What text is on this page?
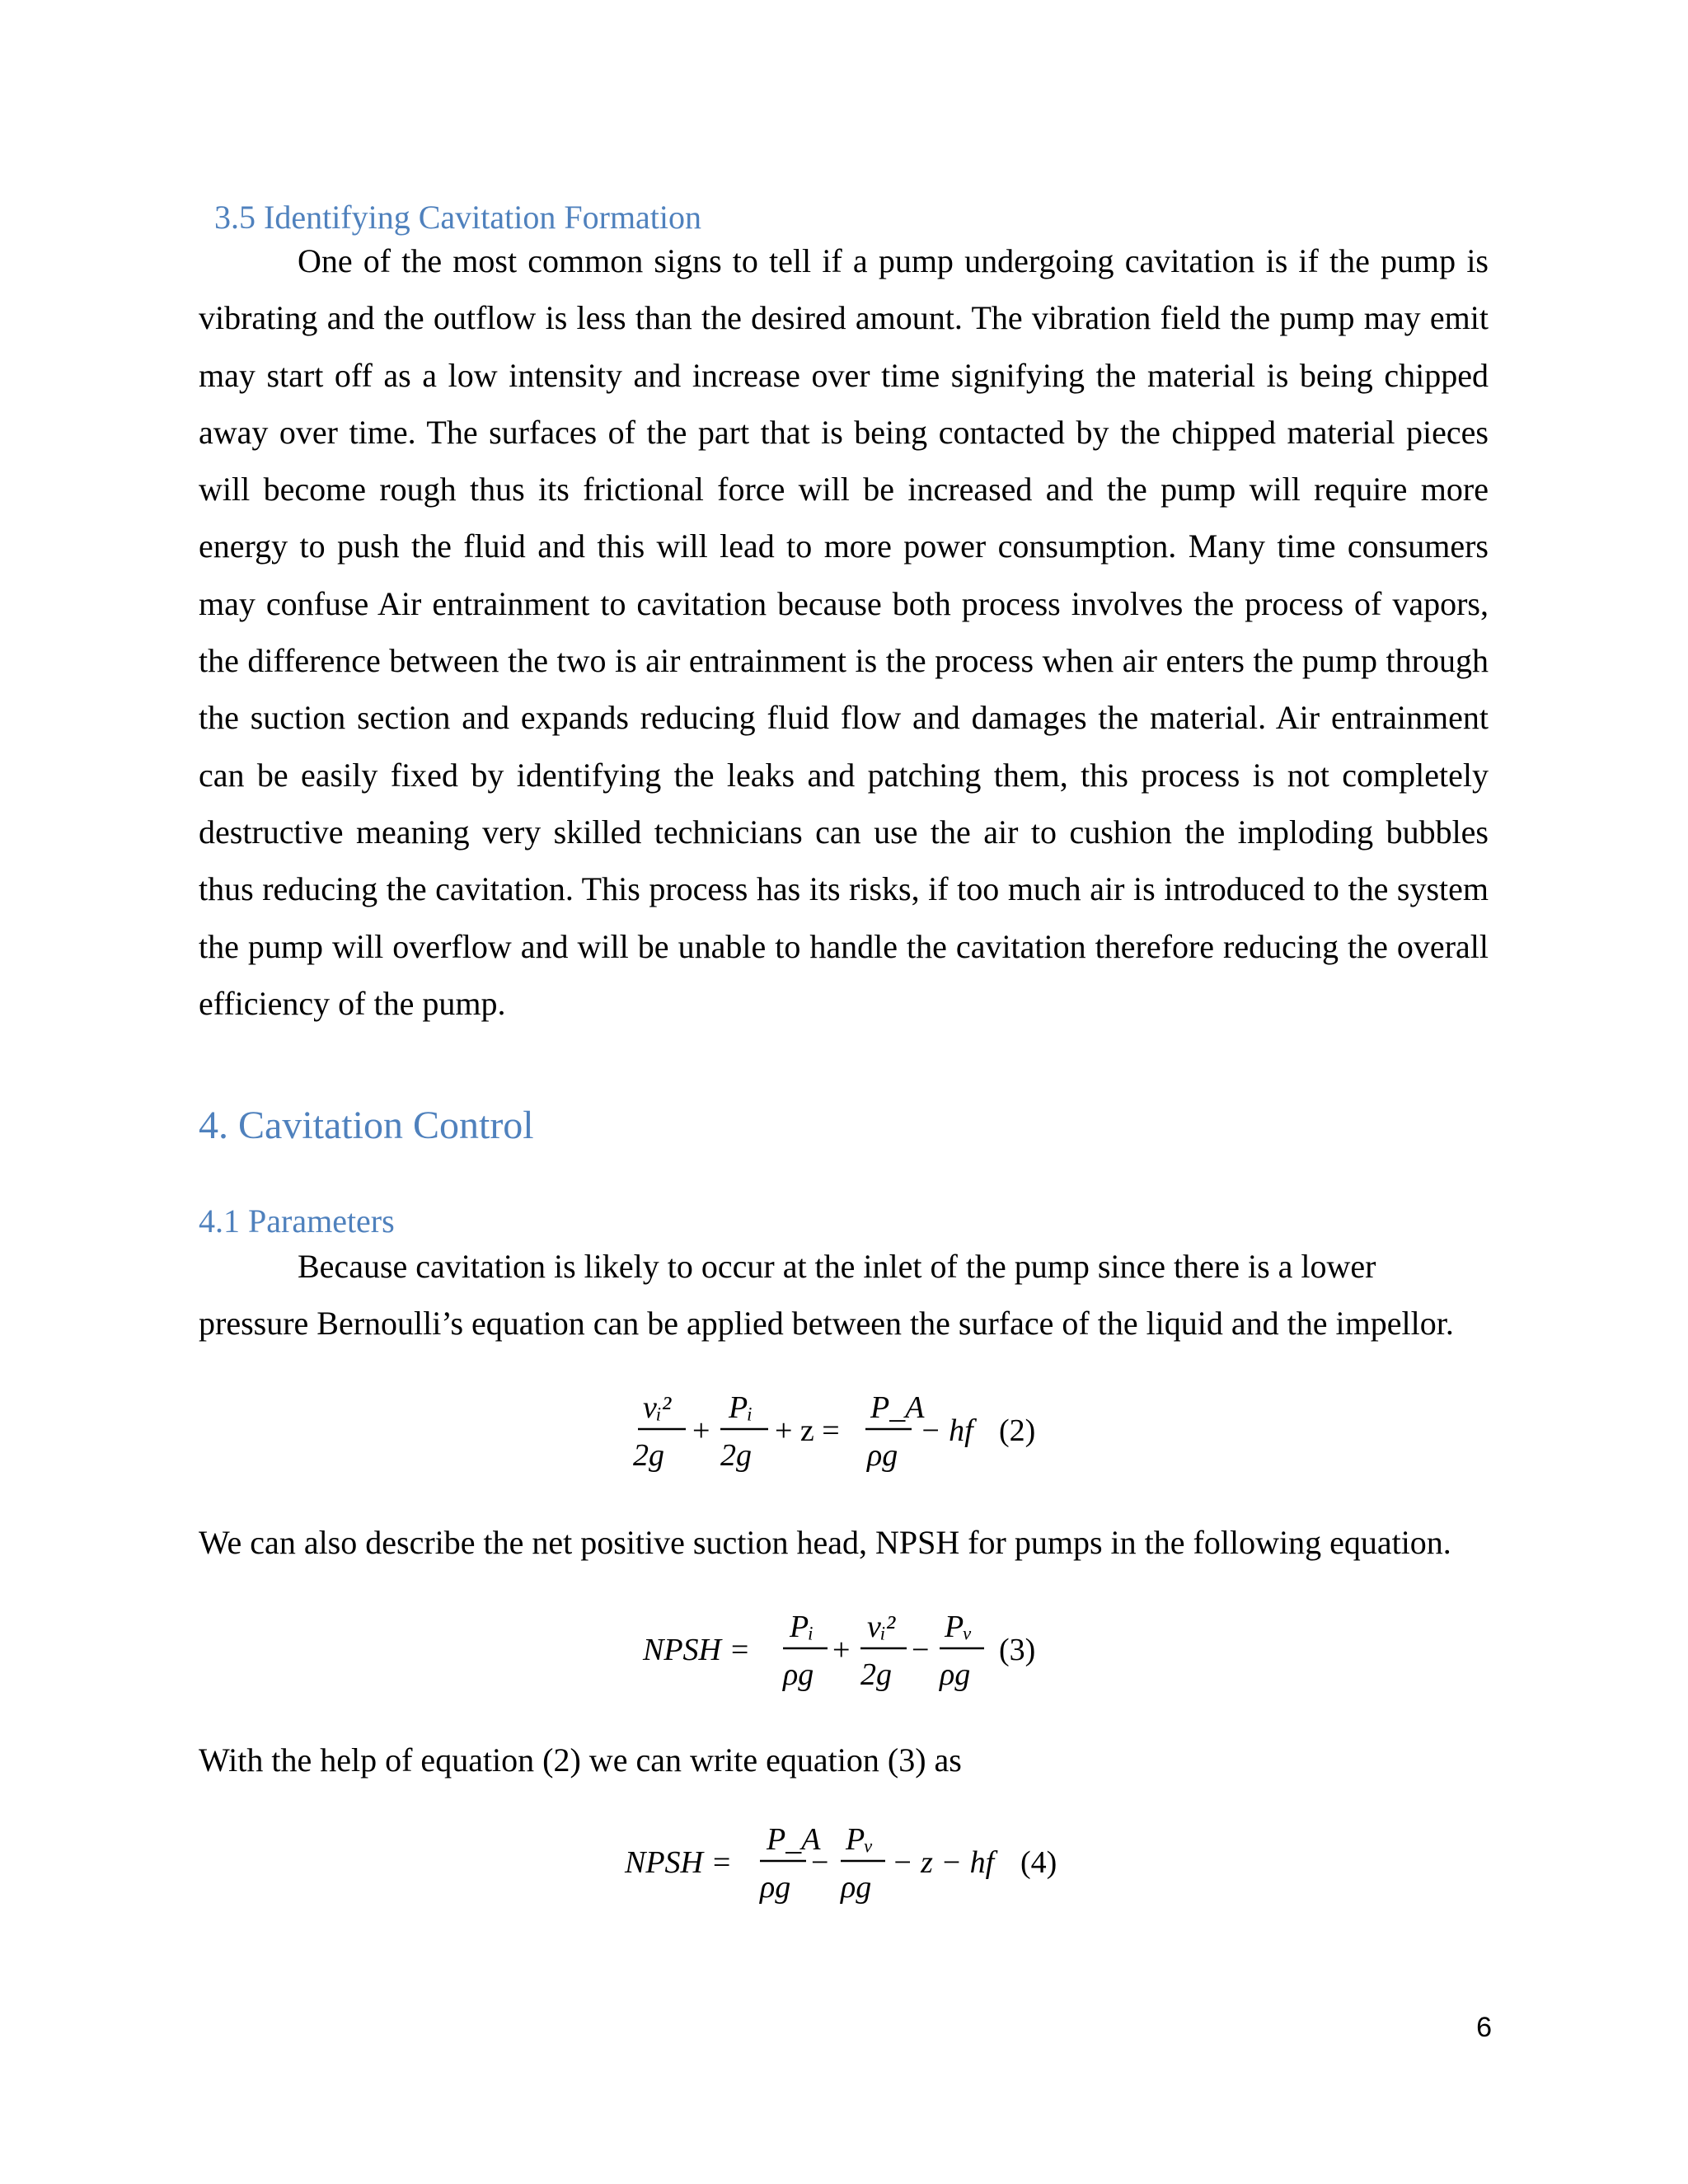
3.5 Identifying Cavitation Formation

One of the most common signs to tell if a pump undergoing cavitation is if the pump is vibrating and the outflow is less than the desired amount. The vibration field the pump may emit may start off as a low intensity and increase over time signifying the material is being chipped away over time. The surfaces of the part that is being contacted by the chipped material pieces will become rough thus its frictional force will be increased and the pump will require more energy to push the fluid and this will lead to more power consumption. Many time consumers may confuse Air entrainment to cavitation because both process involves the process of vapors, the difference between the two is air entrainment is the process when air enters the pump through the suction section and expands reducing fluid flow and damages the material. Air entrainment can be easily fixed by identifying the leaks and patching them, this process is not completely destructive meaning very skilled technicians can use the air to cushion the imploding bubbles thus reducing the cavitation. This process has its risks, if too much air is introduced to the system the pump will overflow and will be unable to handle the cavitation therefore reducing the overall efficiency of the pump.

4. Cavitation Control
4.1 Parameters

Because cavitation is likely to occur at the inlet of the pump since there is a lower pressure Bernoulli’s equation can be applied between the surface of the liquid and the impellor.

vᵢ²
2g
+
Pᵢ
2g
+ z =
P_A
ρg
− hf (2)
We can also describe the net positive suction head, NPSH for pumps in the following equation.
NPSH =
Pᵢ
ρg
+
vᵢ²
2g
−
Pᵥ
ρg
(3)
With the help of equation (2) we can write equation (3) as
NPSH =
P_A
ρg
−
Pᵥ
ρg
− z − hf (4)
6
